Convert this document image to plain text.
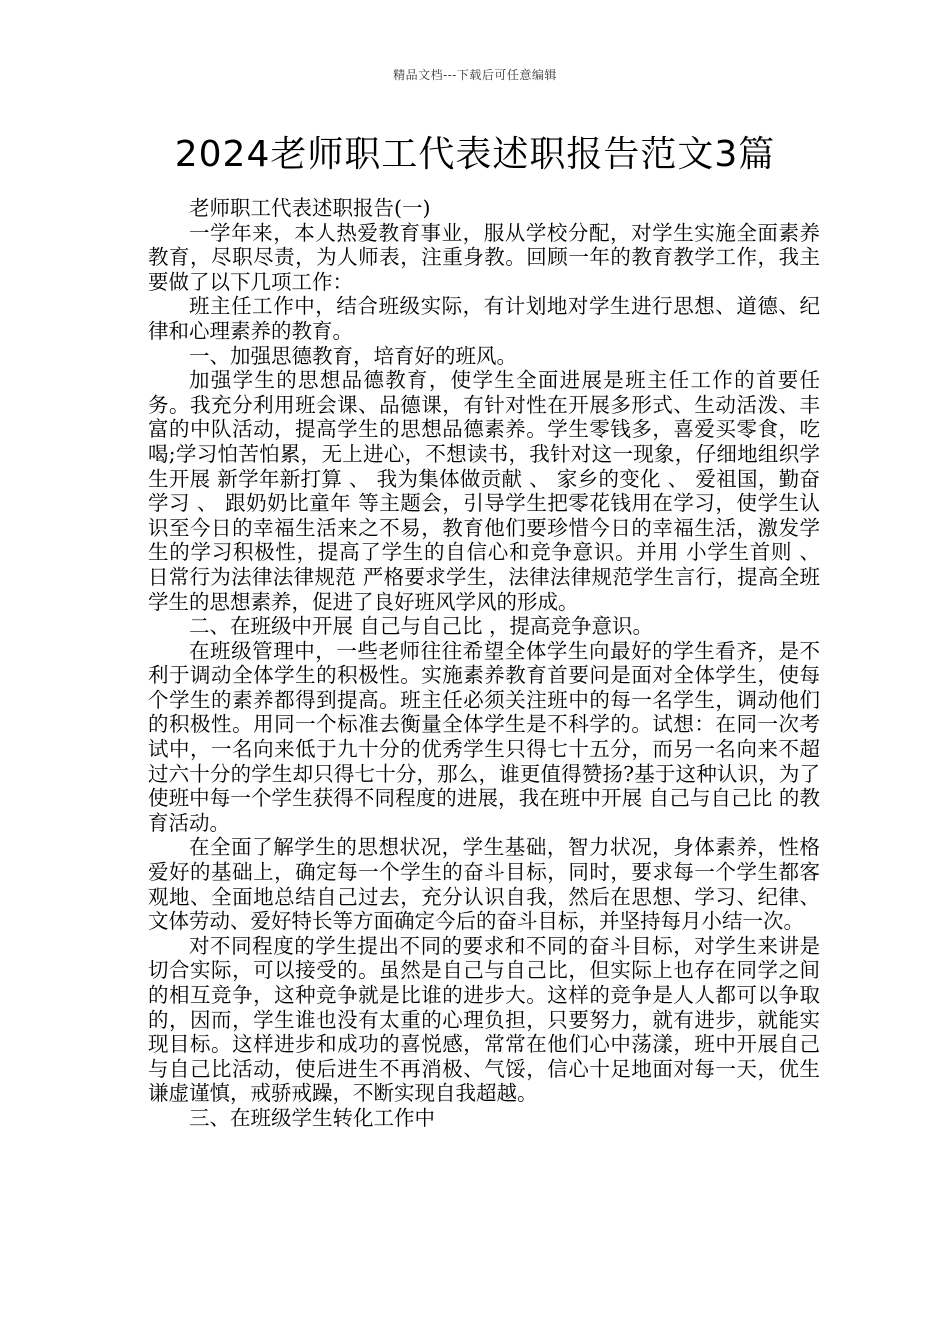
精品文档---下载后可任意编辑
2024老师职工代表述职报告范文3篇

老师职工代表述职报告(一)

一学年来，本人热爱教育事业，服从学校分配，对学生实施全面素养教育，尽职尽责，为人师表，注重身教。回顾一年的教育教学工作，我主要做了以下几项工作：

班主任工作中，结合班级实际，有计划地对学生进行思想、道德、纪律和心理素养的教育。

一、加强思德教育，培育好的班风。

加强学生的思想品德教育，使学生全面进展是班主任工作的首要任务。我充分利用班会课、品德课，有针对性在开展多形式、生动活泼、丰富的中队活动，提高学生的思想品德素养。学生零钱多，喜爱买零食，吃喝;学习怕苦怕累，无上进心，不想读书，我针对这一现象，仔细地组织学生开展 新学年新打算 、 我为集体做贡献 、 家乡的变化 、 爱祖国，勤奋学习 、 跟奶奶比童年 等主题会，引导学生把零花钱用在学习，使学生认识至今日的幸福生活来之不易，教育他们要珍惜今日的幸福生活，激发学生的学习积极性，提高了学生的自信心和竞争意识。并用 小学生首则 、 日常行为法律法律规范 严格要求学生，法律法律规范学生言行，提高全班学生的思想素养，促进了良好班风学风的形成。

二、在班级中开展 自己与自己比 ，提高竞争意识。

在班级管理中，一些老师往往希望全体学生向最好的学生看齐，是不利于调动全体学生的积极性。实施素养教育首要问是面对全体学生，使每个学生的素养都得到提高。班主任必须关注班中的每一名学生，调动他们的积极性。用同一个标准去衡量全体学生是不科学的。试想：在同一次考试中，一名向来低于九十分的优秀学生只得七十五分，而另一名向来不超过六十分的学生却只得七十分，那么，谁更值得赞扬?基于这种认识，为了使班中每一个学生获得不同程度的进展，我在班中开展 自己与自己比 的教育活动。

在全面了解学生的思想状况，学生基础，智力状况，身体素养，性格爱好的基础上，确定每一个学生的奋斗目标，同时，要求每一个学生都客观地、全面地总结自己过去，充分认识自我，然后在思想、学习、纪律、文体劳动、爱好特长等方面确定今后的奋斗目标，并坚持每月小结一次。

对不同程度的学生提出不同的要求和不同的奋斗目标，对学生来讲是切合实际，可以接受的。虽然是自己与自己比，但实际上也存在同学之间的相互竞争，这种竞争就是比谁的进步大。这样的竞争是人人都可以争取的，因而，学生谁也没有太重的心理负担，只要努力，就有进步，就能实现目标。这样进步和成功的喜悦感，常常在他们心中荡漾，班中开展自己与自己比活动，使后进生不再消极、气馁，信心十足地面对每一天，优生谦虚谨慎，戒骄戒躁，不断实现自我超越。

三、在班级学生转化工作中
